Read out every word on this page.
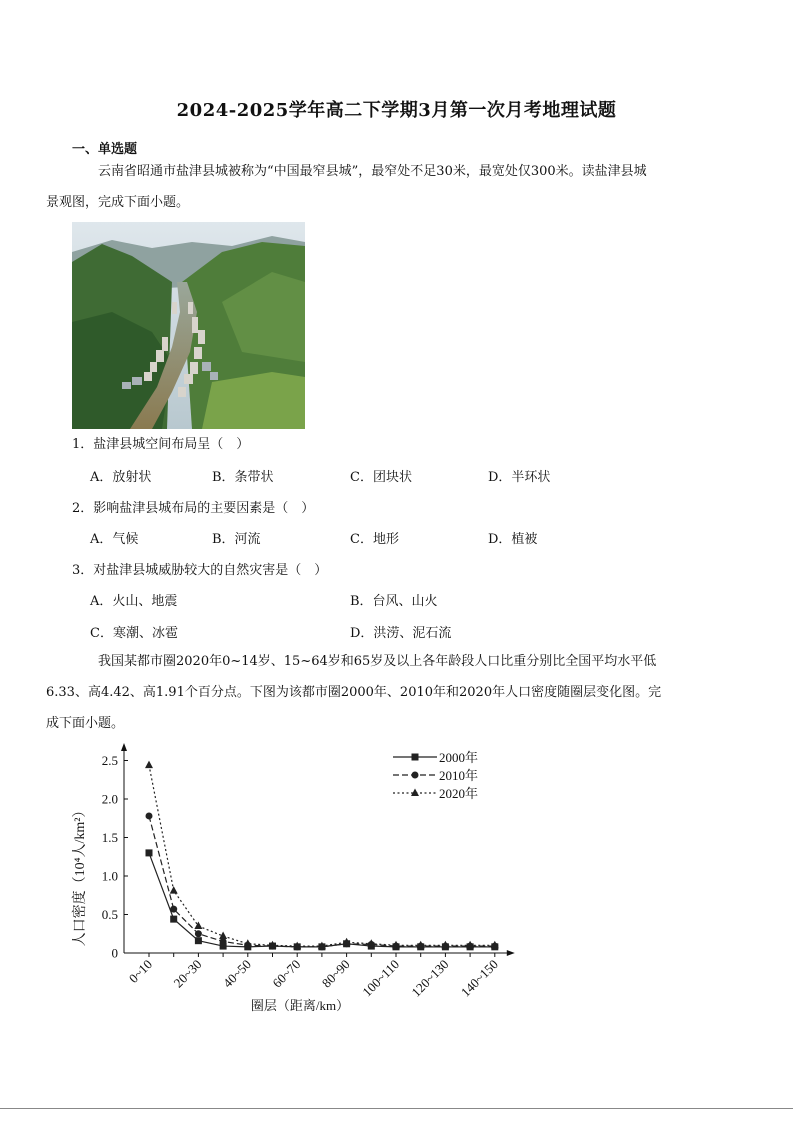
2024-2025学年高二下学期3月第一次月考地理试题
一、单选题
云南省昭通市盐津县城被称为“中国最窄县城”，最窄处不足30米，最宽处仅300米。读盐津县城
景观图，完成下面小题。
1．盐津县城空间布局呈（　）
A．放射状	B．条带状	C．团块状	D．半环状
2．影响盐津县城布局的主要因素是（　）
A．气候	B．河流	C．地形	D．植被
3．对盐津县城威胁较大的自然灾害是（　）
A．火山、地震	B．台风、山火
C．寒潮、冰雹	D．洪涝、泥石流
我国某都市圈2020年0~14岁、15~64岁和65岁及以上各年龄段人口比重分别比全国平均水平低
6.33、高4.42、高1.91个百分点。下图为该都市圈2000年、2010年和2020年人口密度随圈层变化图。完
成下面小题。
0
0.5
1.0
1.5
2.0
2.5
0~10 20~30 40~50 60~70 80~90 100~110 120~130 140~150
2000年
2010年
2020年
人口密度（10⁴人/km²）
圈层（距离/km）
